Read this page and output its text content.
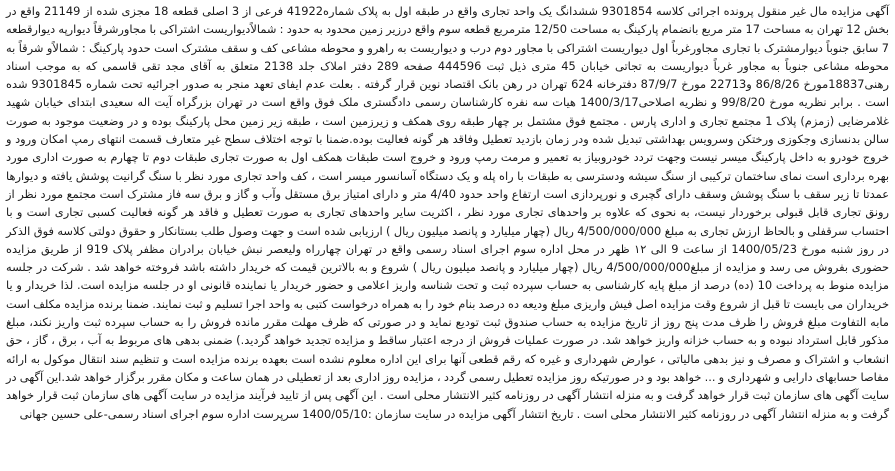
آگهی مزایده مال غیر منقول پرونده اجرائی کلاسه 9301854 ششدانگ یک واحد تجاری واقع در طبقه اول به پلاک شماره41922 فرعی از 3 اصلی قطعه 18 مجزی شده از 21149 واقع در بخش 12 تهران به مساحت 17 متر مربع بانضمام پارکینگ به مساحت 12/50 مترمربع قطعه سوم واقع درزیر زمین محدود به حدود : شمالاًدیواریست اشتراکی با مجاورشرقاً دیوارپه دیوارقطعه 7 سابق جنوباً دیوارمشترک با تجاری مجاورغرباً اول دیواریست اشتراکی با مجاور دوم درب و دیواریست به راهرو و محوطه مشاعی کف و سقف مشترک است حدود پارکینگ : شمالاًو شرقاً به محوطه مشاعی جنوباً به مجاور غرباً دیواریست به تجاتی خیابان 45 متری ذیل ثبت 444596 صفحه 289 دفتر املاک جلد 2138 متعلق به آقای مجد تقی قاسمی که به موجب اسناد رهنی18837مورخ 86/8/26 و22713 مورخ 87/9/7 دفترخانه 624 تهران در رهن بانک اقتصاد نوین قرار گرفته . بعلت عدم ایفای تعهد منجر به صدور اجرائیه تحت شماره 9301845 شده است . برابر نظریه مورخ 99/8/20 و نظریه اصلاحی1400/3/17 هیات سه نفره کارشناسان رسمی دادگستری ملک فوق واقع است در تهران بزرگراه آیت اله سعیدی ابتدای خیابان شهید غلامرضایی (زمزم) پلاک 1 مجتمع تجاری و اداری پارس . مجتمع فوق مشتمل بر چهار طبقه روی همکف و زیرزمین است ، طبقه زیر زمین محل پارکینگ بوده و در وضعیت موجود به صورت سالن بدنسازی وجکوزی ورختکن وسرویس بهداشتی تبدیل شده ودر زمان بازدید تعطیل وفاقد هر گونه فعالیت بوده.ضمنا با توجه اختلاف سطح غیر متعارف قسمت انتهای رمپ امکان ورود و خروج خودرو به داخل پارکینگ میسر نیست وجهت تردد خودروبیاز به تعمیر و مرمت رمپ ورود و خروج است طبقات همکف اول به صورت تجاری طبقات دوم تا چهارم به صورت اداری مورد بهره برداری است نمای ساختمان ترکیبی از سنگ سیشه ودسترسی به طبقات با راه پله و یک دستگاه آسانسور میسر است ، کف واحد تجاری مورد نظر با سنگ گرانیت پوشش یافته و دیوارها عمدتا تا زیر سقف با سنگ پوشش وسقف دارای گچبری و نورپردازی است ارتفاع واحد حدود 4/40 متر و دارای امتیاز برق مستقل وآب و گاز و برق سه فاز مشترک است مجتمع مورد نظر از رونق تجاری قابل قبولی برخوردار نیست، به نحوی که علاوه بر واحدهای تجاری مورد نظر ، اکثریت سایر واحدهای تجاری به صورت تعطیل و فاقد هر گونه فعالیت کسبی تجاری است و با احتساب سرقفلی و بالحاظ ارزش تجاری به مبلغ 4/500/000/000 ریال (چهار میلیارد و پانصد میلیون ریال ) ارزیابی شده است و جهت وصول طلب بستانکار و حقوق دولتی کلاسه فوق الذکر در روز شنبه مورخ 1400/05/23 از ساعت 9 الی ۱۲ ظهر در محل اداره سوم اجرای اسناد رسمی واقع در تهران چهارراه ولیعصر نبش خیابان برادران مظفر پلاک 919 از طریق مزایده حضوری بفروش می رسد و مزایده از مبلغ4/500/000/000 ریال (چهار میلیارد و پانصد میلیون ریال ) شروع و به بالاترین قیمت که خریدار داشته باشد فروخته خواهد شد . شرکت در جلسه مزایده منوط به پرداخت 10 (ده) درصد از مبلغ پایه کارشناسی به حساب سپرده ثبت و تحت شناسه واریز اعلامی و حضور خریدار یا نماینده قانونی او در جلسه مزایده است. لذا خریدار و یا خریداران می بایست تا قبل از شروع وقت مزایده اصل فیش واریزی مبلغ ودیعه ده درصد بنام خود را به همراه درخواست کتبی به واحد اجرا تسلیم و ثبت نمایند. ضمنا برنده مزایده مکلف است مابه التفاوت مبلغ فروش را ظرف مدت پنج روز از تاریخ مزایده به حساب صندوق ثبت تودیع نماید و در صورتی که ظرف مهلت مقرر مانده فروش را به حساب سپرده ثبت واریز نکند، مبلغ مذکور قابل استرداد نبوده و به حساب خزانه واریز خواهد شد. در صورت عملیات فروش از درجه اعتبار ساقط و مزایده تجدید خواهد گردید.) ضمنی بدهی های مربوط به آب ، برق ، گاز ، حق انشعاب و اشتراک و مصرف و نیز بدهی مالیاتی ، عوارض شهرداری و غیره که رقم قطعی آنها برای این اداره معلوم نشده است بعهده برنده مزایده است و تنظیم سند انتقال موکول به ارائه مفاصا حسابهای دارایی و شهرداری و ... خواهد بود و در صورتیکه روز مزایده تعطیل رسمی گردد ، مزایده روز اداری بعد از تعطیلی در همان ساعت و مکان مقرر برگزار خواهد شد.این آگهی در سایت آگهی های سازمان ثبت قرار خواهد گرفت و به منزله انتشار آگهی در روزنامه کثیر الانتشار محلی است . این آگهی پس از تایید فرآیند مزایده در سایت آگهی های سازمان ثبت قرار خواهد گرفت و به منزله انتشار آگهی در روزنامه کثیر الانتشار محلی است . تاریخ انتشار آگهی مزایده در سایت سازمان :1400/05/10 سرپرست اداره سوم اجرای اسناد رسمی-علی حسین جهانی
